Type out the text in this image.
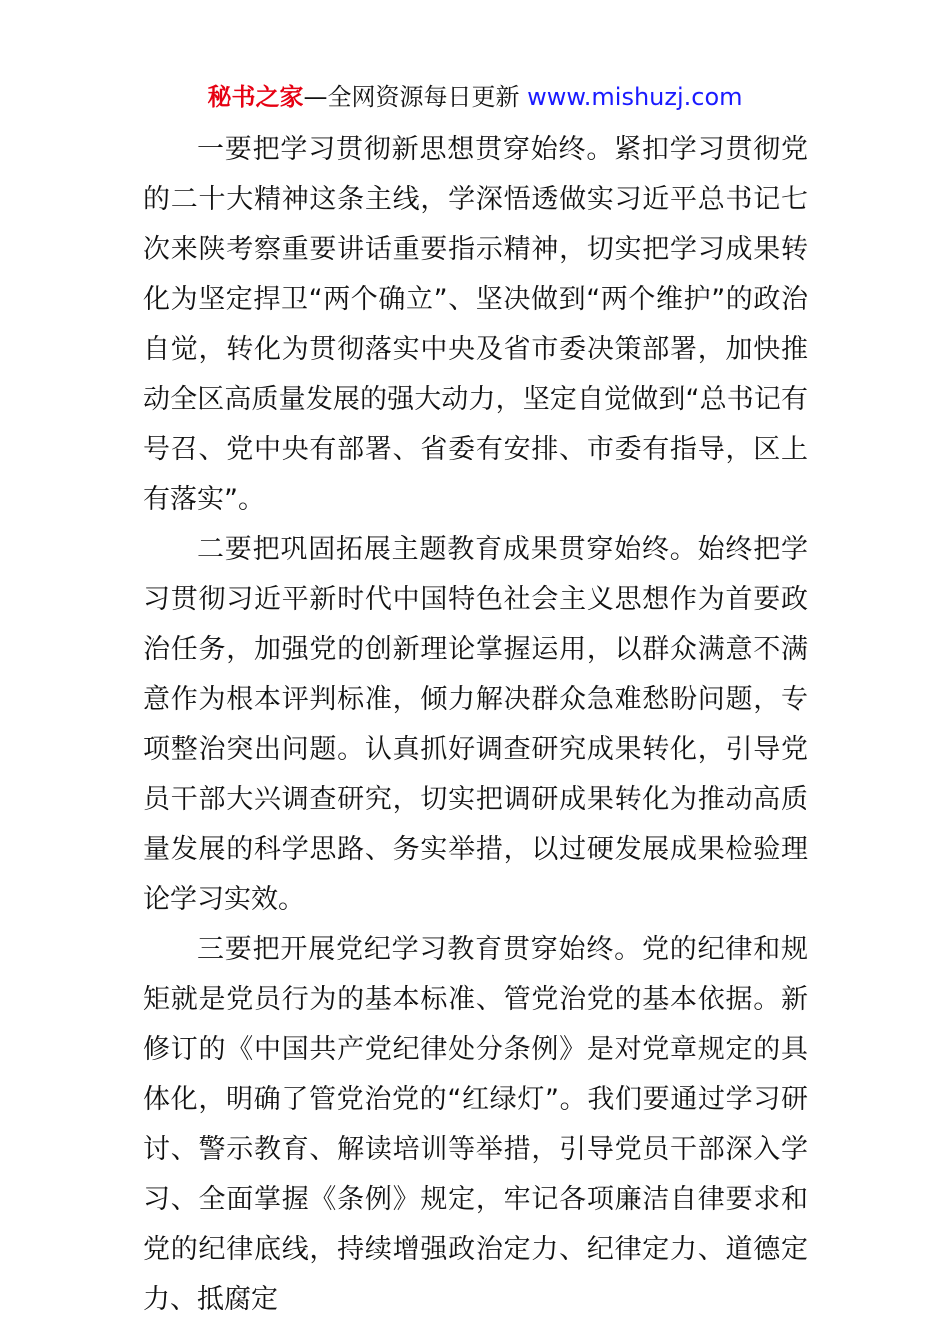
秘书之家—全网资源每日更新 www.mishuzj.com

一要把学习贯彻新思想贯穿始终。紧扣学习贯彻党的二十大精神这条主线，学深悟透做实习近平总书记七次来陕考察重要讲话重要指示精神，切实把学习成果转化为坚定捍卫“两个确立”、坚决做到“两个维护”的政治自觉，转化为贯彻落实中央及省市委决策部署，加快推动全区高质量发展的强大动力，坚定自觉做到“总书记有号召、党中央有部署、省委有安排、市委有指导，区上有落实”。

二要把巩固拓展主题教育成果贯穿始终。始终把学习贯彻习近平新时代中国特色社会主义思想作为首要政治任务，加强党的创新理论掌握运用，以群众满意不满意作为根本评判标准，倾力解决群众急难愁盼问题，专项整治突出问题。认真抓好调查研究成果转化，引导党员干部大兴调查研究，切实把调研成果转化为推动高质量发展的科学思路、务实举措，以过硬发展成果检验理论学习实效。

三要把开展党纪学习教育贯穿始终。党的纪律和规矩就是党员行为的基本标准、管党治党的基本依据。新修订的《中国共产党纪律处分条例》是对党章规定的具体化，明确了管党治党的“红绿灯”。我们要通过学习研讨、警示教育、解读培训等举措，引导党员干部深入学习、全面掌握《条例》规定，牢记各项廉洁自律要求和党的纪律底线，持续增强政治定力、纪律定力、道德定力、抵腐定
